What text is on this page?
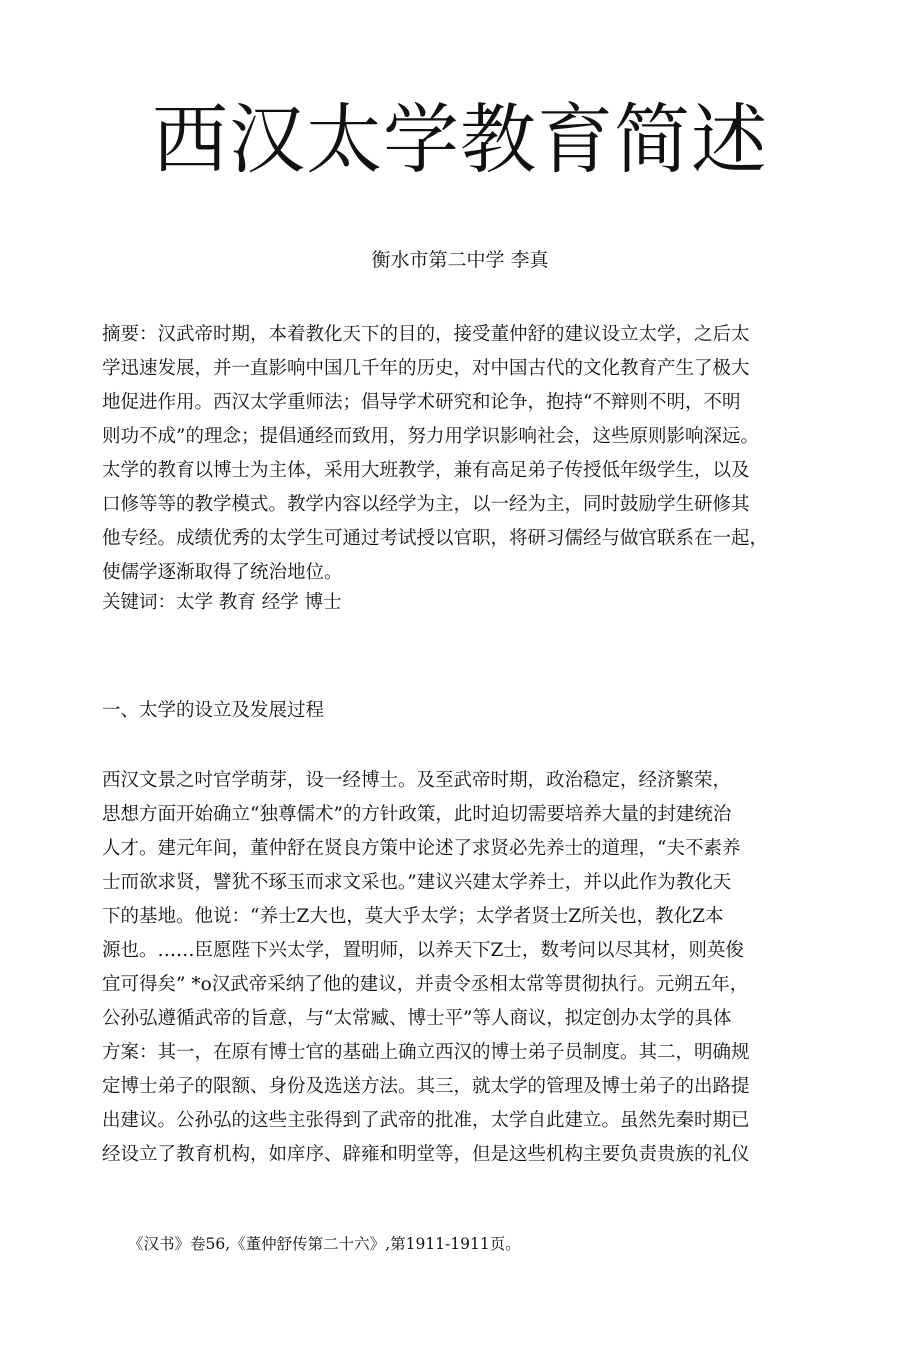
西汉太学教育简述

衡水市第二中学 李真

摘要：汉武帝时期，本着教化天下的目的，接受董仲舒的建议设立太学，之后太
学迅速发展，并一直影响中国几千年的历史，对中国古代的文化教育产生了极大
地促进作用。西汉太学重师法；倡导学术研究和论争，抱持“不辩则不明，不明
则功不成”的理念；提倡通经而致用，努力用学识影响社会，这些原则影响深远。
太学的教育以博士为主体，采用大班教学，兼有高足弟子传授低年级学生，以及
口修等等的教学模式。教学内容以经学为主，以一经为主，同时鼓励学生研修其
他专经。成绩优秀的太学生可通过考试授以官职，将研习儒经与做官联系在一起，
使儒学逐渐取得了统治地位。
关键词：太学 教育 经学 博士
一、太学的设立及发展过程
西汉文景之吋官学萌芽，设一经博士。及至武帝时期，政治稳定，经济繁荣，
思想方面开始确立“独尊儒术”的方针政策，此时迫切需要培养大量的封建统治
人才。建元年间，董仲舒在贤良方策中论述了求贤必先养士的道理，“夫不素养
士而欲求贤，譬犹不琢玉而求文采也。”建议兴建太学养士，并以此作为教化天
下的基地。他说：“养士Z大也，莫大乎太学；太学者贤士Z所关也，教化Z本
源也。……臣愿陛下兴太学，置明师，以养天下Z士，数考问以尽其材，则英俊
宜可得矣” *o汉武帝采纳了他的建议，并责令丞相太常等贯彻执行。元朔五年，
公孙弘遵循武帝的旨意，与“太常臧、博士平”等人商议，拟定创办太学的具体
方案：其一，在原有博士官的基础上确立西汉的博士弟子员制度。其二，明确规
定博士弟子的限额、身份及选送方法。其三，就太学的管理及博士弟子的出路提
出建议。公孙弘的这些主张得到了武帝的批准，太学自此建立。虽然先秦时期已
经设立了教育机构，如庠序、辟雍和明堂等，但是这些机构主要负责贵族的礼仪

《汉书》卷56,《董仲舒传第二十六》,第1911-1911页。
